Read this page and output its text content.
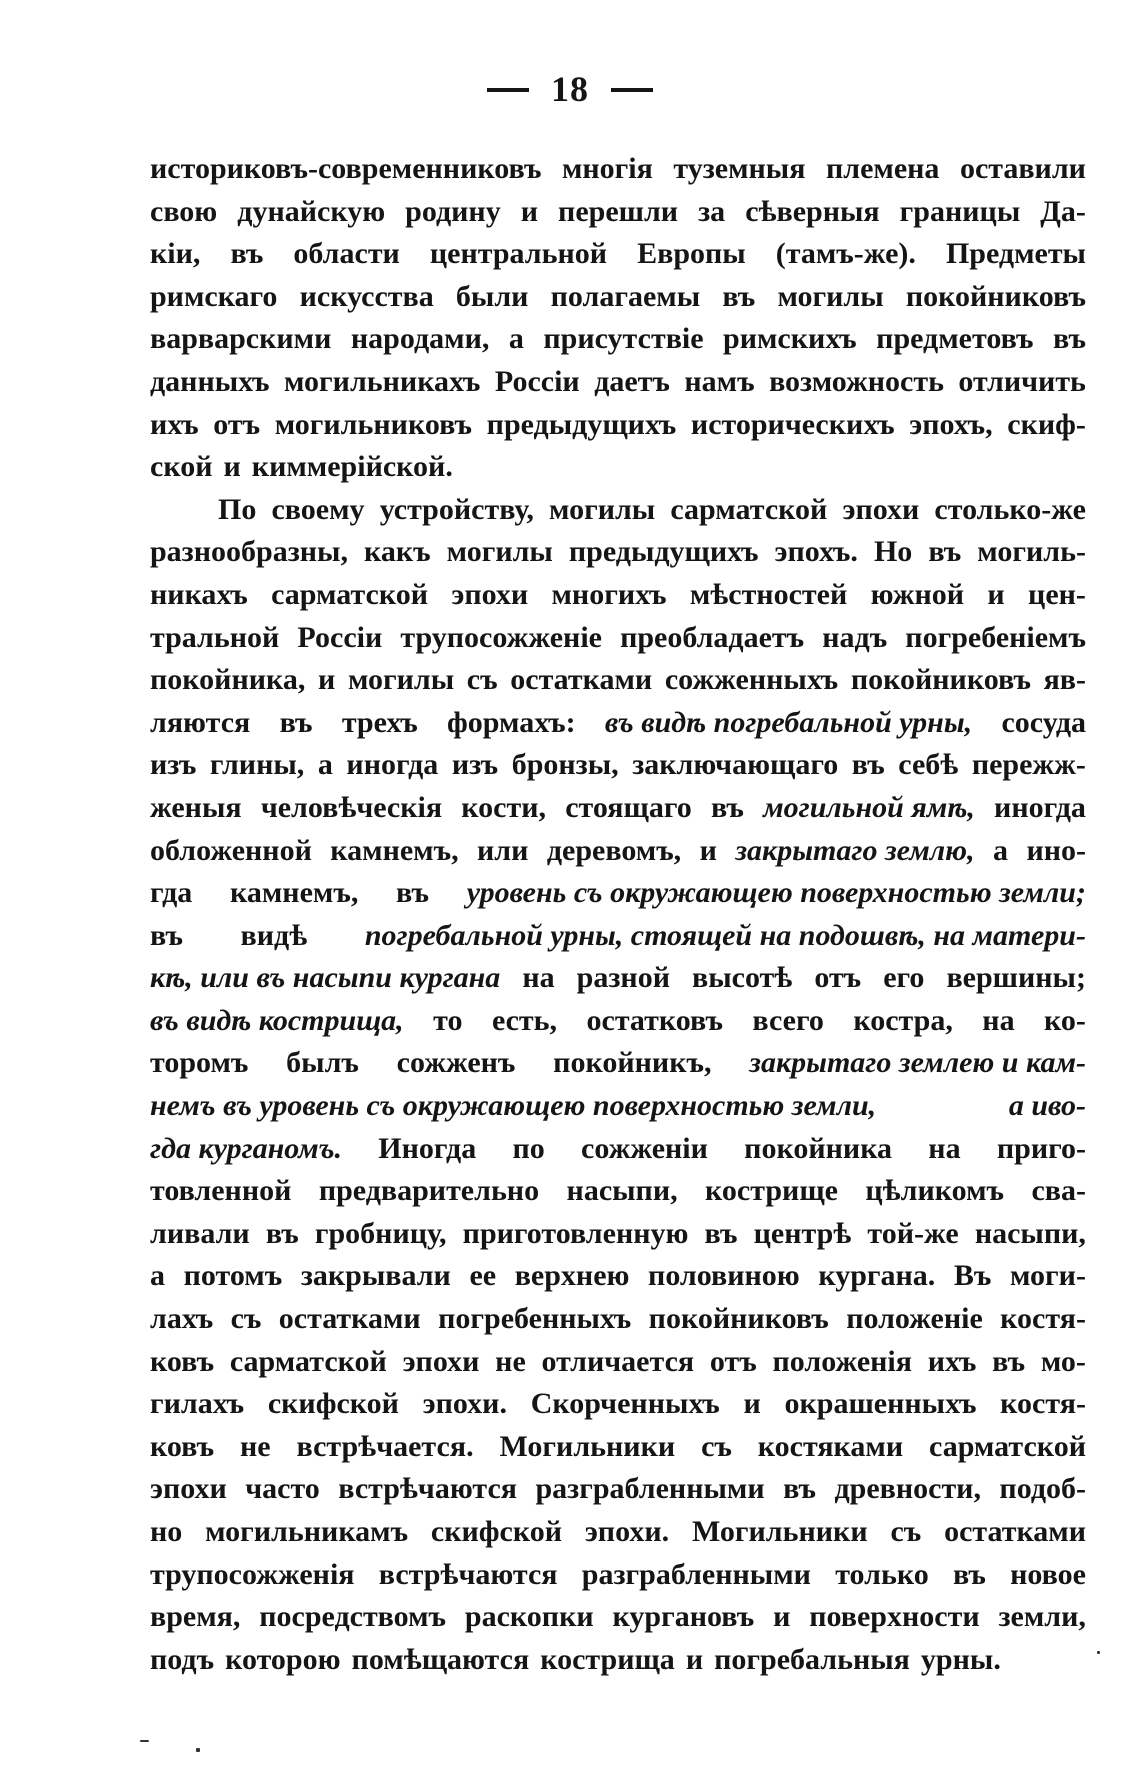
18
историковъ-современниковъ многія туземныя племена оставили
свою дунайскую родину и перешли за сѣверныя границы Да-
кіи, въ области центральной Европы (тамъ-же). Предметы
римскаго искусства были полагаемы въ могилы покойниковъ
варварскими народами, а присутствіе римскихъ предметовъ въ
данныхъ могильникахъ Россіи даетъ намъ возможность отличить
ихъ отъ могильниковъ предыдущихъ историческихъ эпохъ, скиф-
ской и киммерійской.
По своему устройству, могилы сарматской эпохи столько-же
разнообразны, какъ могилы предыдущихъ эпохъ. Но въ могиль-
никахъ сарматской эпохи многихъ мѣстностей южной и цен-
тральной Россіи трупосожженіе преобладаетъ надъ погребеніемъ
покойника, и могилы съ остатками сожженныхъ покойниковъ яв-
ляются въ трехъ формахъ: въ видѣ погребальной урны, сосуда
изъ глины, а иногда изъ бронзы, заключающаго въ себѣ пережж-
женыя человѣческія кости, стоящаго въ могильной ямѣ, иногда
обложенной камнемъ, или деревомъ, и закрытаго землю, а ино-
гда камнемъ, въ уровень съ окружающею поверхностью земли;
въ видѣ погребальной урны, стоящей на подошвѣ, на матери-
кѣ, или въ насыпи кургана на разной высотѣ отъ его вершины;
въ видѣ кострища, то есть, остатковъ всего костра, на ко-
торомъ былъ сожженъ покойникъ, закрытаго землею и кам-
немъ въ уровень съ окружающею поверхностью земли,	а иво-
гда курганомъ. Иногда по сожженіи покойника на приго-
товленной предварительно насыпи, кострище цѣликомъ сва-
ливали въ гробницу, приготовленную въ центрѣ той-же насыпи,
а потомъ закрывали ее верхнею половиною кургана. Въ моги-
лахъ съ остатками погребенныхъ покойниковъ положеніе костя-
ковъ сарматской эпохи не отличается отъ положенія ихъ въ мо-
гилахъ скифской эпохи. Скорченныхъ и окрашенныхъ костя-
ковъ не встрѣчается. Могильники съ костяками сарматской
эпохи часто встрѣчаются разграбленными въ древности, подоб-
но могильникамъ скифской эпохи. Могильники съ остатками
трупосожженія встрѣчаются разграбленными только въ новое
время, посредствомъ раскопки кургановъ и поверхности земли,
подъ которою помѣщаются кострища и погребальныя урны.
